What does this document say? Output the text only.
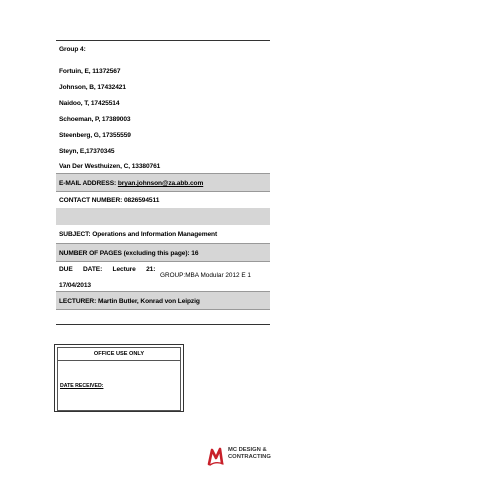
Group 4:
Fortuin, E, 11372567
Johnson, B, 17432421
Naidoo, T, 17425514
Schoeman, P, 17389003
Steenberg, G, 17355559
Steyn, E,17370345
Van Der Westhuizen, C, 13380761
E-MAIL ADDRESS: bryan.johnson@za.abb.com
CONTACT NUMBER: 0826594511
SUBJECT: Operations and Information Management
NUMBER OF PAGES (excluding this page): 16
DUE      DATE:      Lecture      21:
17/04/2013
GROUP:MBA Modular 2012 E 1
LECTURER: Martin Butler, Konrad von Leipzig
OFFICE USE ONLY
DATE RECEIVED:
MC DESIGN &
CONTRACTING
